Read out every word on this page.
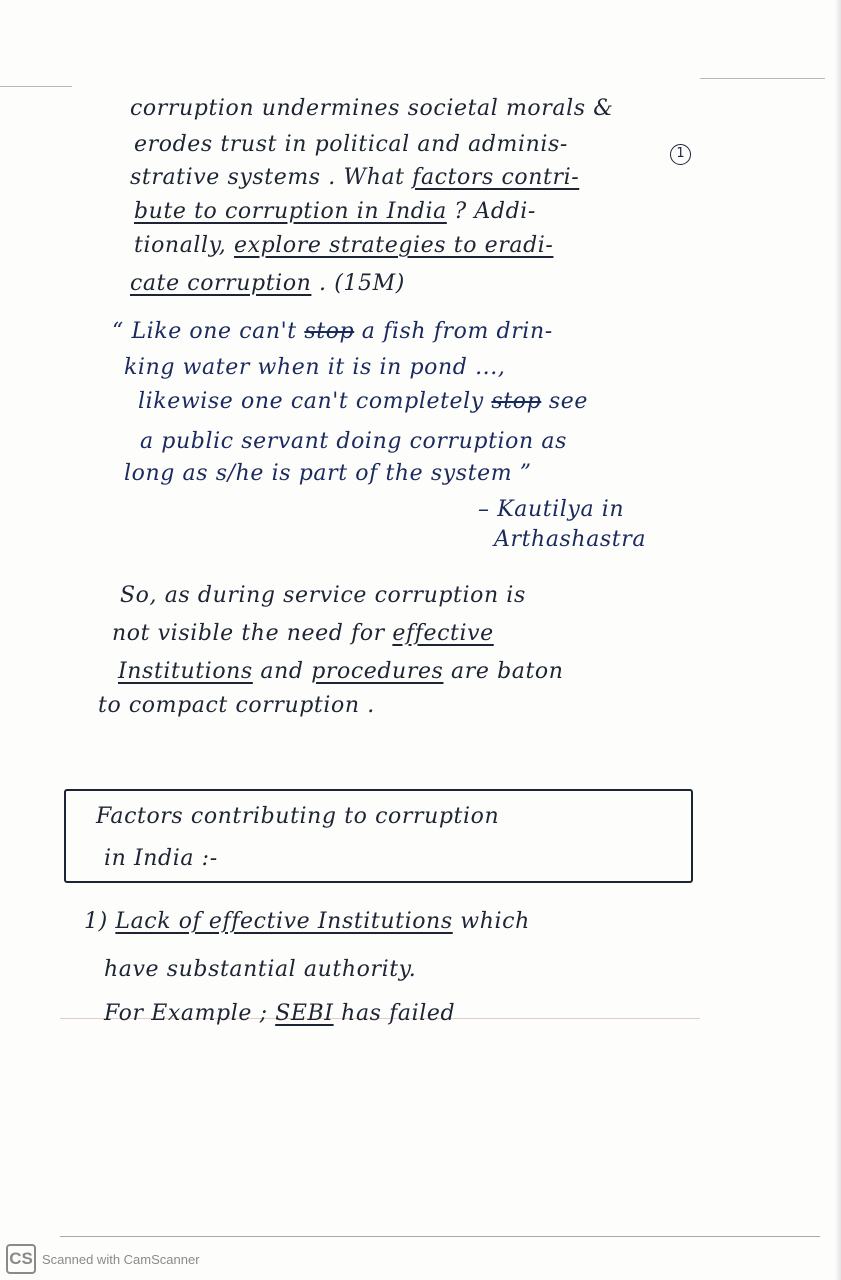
corruption undermines societal morals &
erodes trust in political and adminis-
strative systems . What factors contri-
1
bute to corruption in India ? Addi-
tionally, explore strategies to eradi-
cate corruption . (15M)
“ Like one can't stop a fish from drin-
king water when it is in pond ...,
likewise one can't completely stop see
a public servant doing corruption as
long as s/he is part of the system ”
– Kautilya in
Arthashastra
So, as during service corruption is
not visible the need for effective
Institutions and procedures are baton
to compact corruption .
Factors contributing to corruption
in India :-
1) Lack of effective Institutions which
have substantial authority.
For Example ; SEBI has failed
CS Scanned with CamScanner
